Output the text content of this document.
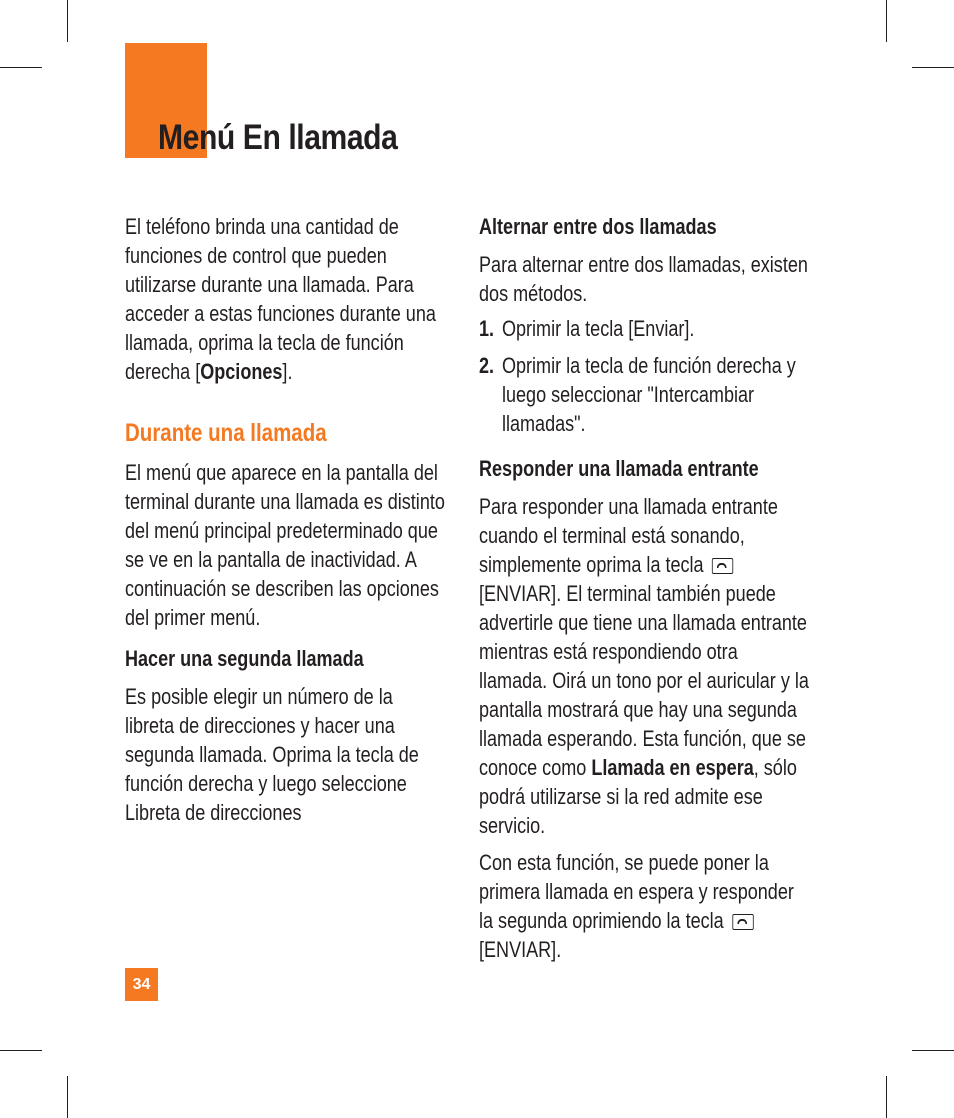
Menú En llamada

El teléfono brinda una cantidad de funciones de control que pueden utilizarse durante una llamada. Para acceder a estas funciones durante una llamada, oprima la tecla de función derecha [Opciones].

Durante una llamada

El menú que aparece en la pantalla del terminal durante una llamada es distinto del menú principal predeterminado que se ve en la pantalla de inactividad. A continuación se describen las opciones del primer menú.

Hacer una segunda llamada

Es posible elegir un número de la libreta de direcciones y hacer una segunda llamada. Oprima la tecla de función derecha y luego seleccione Libreta de direcciones

Alternar entre dos llamadas

Para alternar entre dos llamadas, existen dos métodos.

1. Oprimir la tecla [Enviar].
2. Oprimir la tecla de función derecha y luego seleccionar "Intercambiar llamadas".
Responder una llamada entrante

Para responder una llamada entrante cuando el terminal está sonando, simplemente oprima la tecla  [ENVIAR]. El terminal también puede advertirle que tiene una llamada entrante mientras está respondiendo otra llamada. Oirá un tono por el auricular y la pantalla mostrará que hay una segunda llamada esperando. Esta función, que se conoce como Llamada en espera, sólo podrá utilizarse si la red admite ese servicio.

Con esta función, se puede poner la primera llamada en espera y responder la segunda oprimiendo la tecla  [ENVIAR].

34
